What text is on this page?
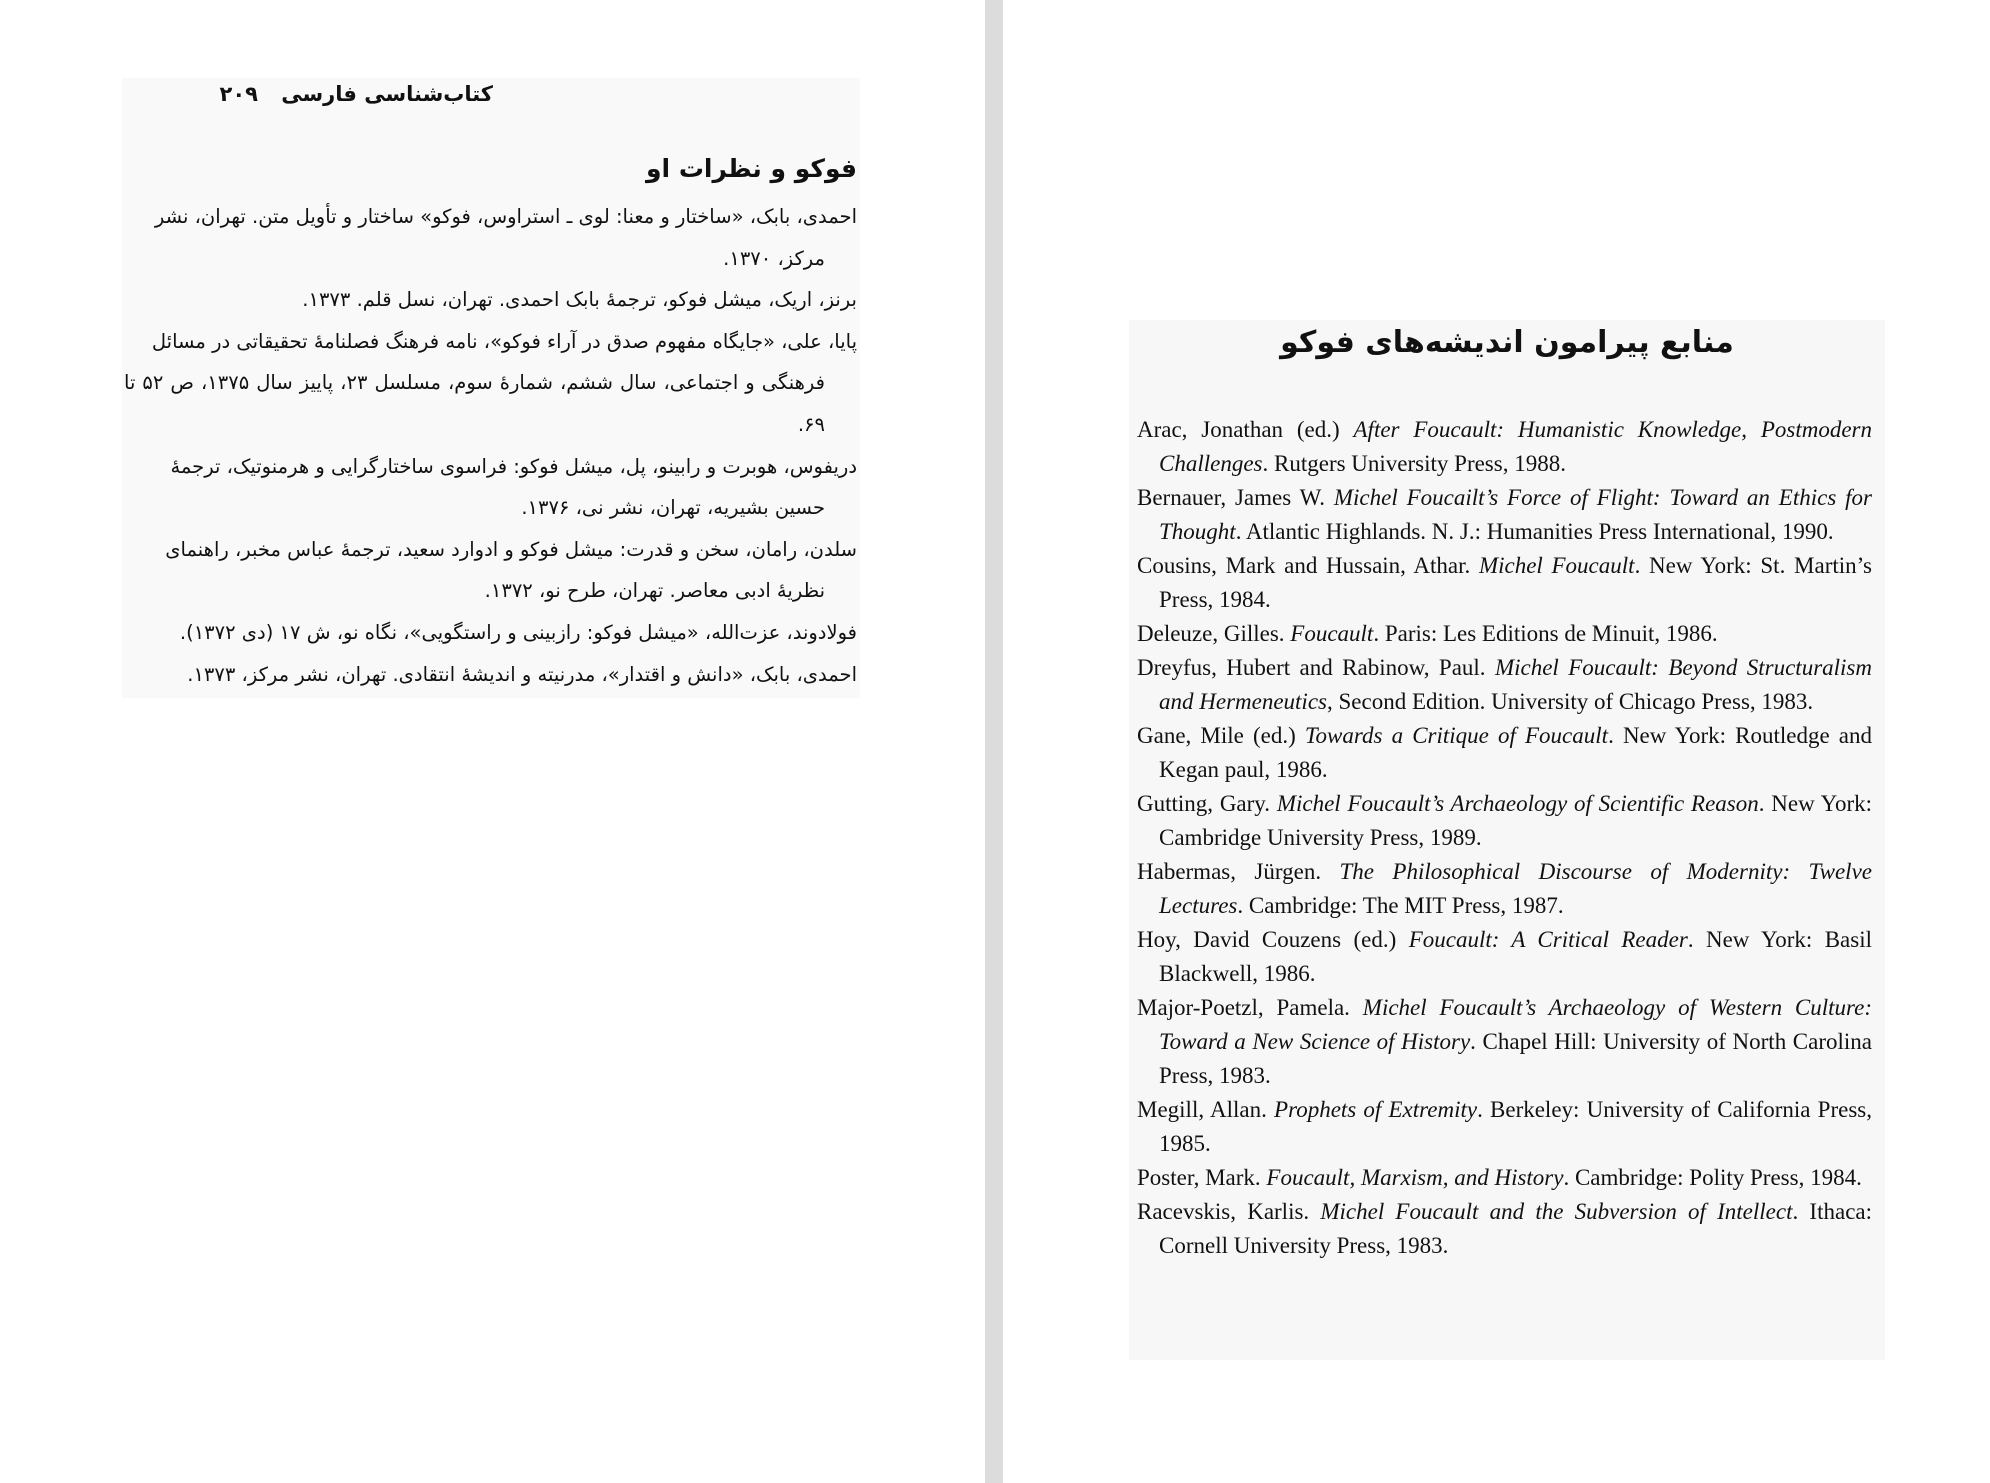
کتاب‌شناسی فارسی ۲۰۹
فوکو و نظرات او
احمدی، بابک، «ساختار و معنا: لوی ـ استراوس، فوکو» ساختار و تأویل متن. تهران، نشر
مرکز، ۱۳۷۰.
برنز، اریک، میشل فوکو، ترجمهٔ بابک احمدی. تهران، نسل قلم. ۱۳۷۳.
پایا، علی، «جایگاه مفهوم صدق در آراء فوکو»، نامه فرهنگ فصلنامهٔ تحقیقاتی در مسائل
فرهنگی و اجتماعی، سال ششم، شمارهٔ سوم، مسلسل ۲۳، پاییز سال ۱۳۷۵، ص ۵۲ تا ۶۹.
دریفوس، هوبرت و رابینو، پل، میشل فوکو: فراسوی ساختارگرایی و هرمنوتیک، ترجمهٔ
حسین بشیریه، تهران، نشر نی، ۱۳۷۶.
سلدن، رامان، سخن و قدرت: میشل فوکو و ادوارد سعید، ترجمهٔ عباس مخبر، راهنمای
نظریهٔ ادبی معاصر. تهران، طرح نو، ۱۳۷۲.
فولادوند، عزت‌الله، «میشل فوکو: رازبینی و راستگویی»، نگاه نو، ش ۱۷ (دی ۱۳۷۲).
احمدی، بابک، «دانش و اقتدار»، مدرنیته و اندیشهٔ انتقادی. تهران، نشر مرکز، ۱۳۷۳.
منابع پیرامون اندیشه‌های فوکو
Arac, Jonathan (ed.) After Foucault: Humanistic Knowledge, Postmodern Challenges. Rutgers University Press, 1988.
Bernauer, James W. Michel Foucailt’s Force of Flight: Toward an Ethics for Thought. Atlantic Highlands. N. J.: Humanities Press International, 1990.
Cousins, Mark and Hussain, Athar. Michel Foucault. New York: St. Martin’s Press, 1984.
Deleuze, Gilles. Foucault. Paris: Les Editions de Minuit, 1986.
Dreyfus, Hubert and Rabinow, Paul. Michel Foucault: Beyond Structuralism and Hermeneutics, Second Edition. University of Chicago Press, 1983.
Gane, Mile (ed.) Towards a Critique of Foucault. New York: Routledge and Kegan paul, 1986.
Gutting, Gary. Michel Foucault’s Archaeology of Scientific Reason. New York: Cambridge University Press, 1989.
Habermas, Jürgen. The Philosophical Discourse of Modernity: Twelve Lectures. Cambridge: The MIT Press, 1987.
Hoy, David Couzens (ed.) Foucault: A Critical Reader. New York: Basil Blackwell, 1986.
Major-Poetzl, Pamela. Michel Foucault’s Archaeology of Western Culture: Toward a New Science of History. Chapel Hill: University of North Carolina Press, 1983.
Megill, Allan. Prophets of Extremity. Berkeley: University of California Press, 1985.
Poster, Mark. Foucault, Marxism, and History. Cambridge: Polity Press, 1984.
Racevskis, Karlis. Michel Foucault and the Subversion of Intellect. Ithaca: Cornell University Press, 1983.
